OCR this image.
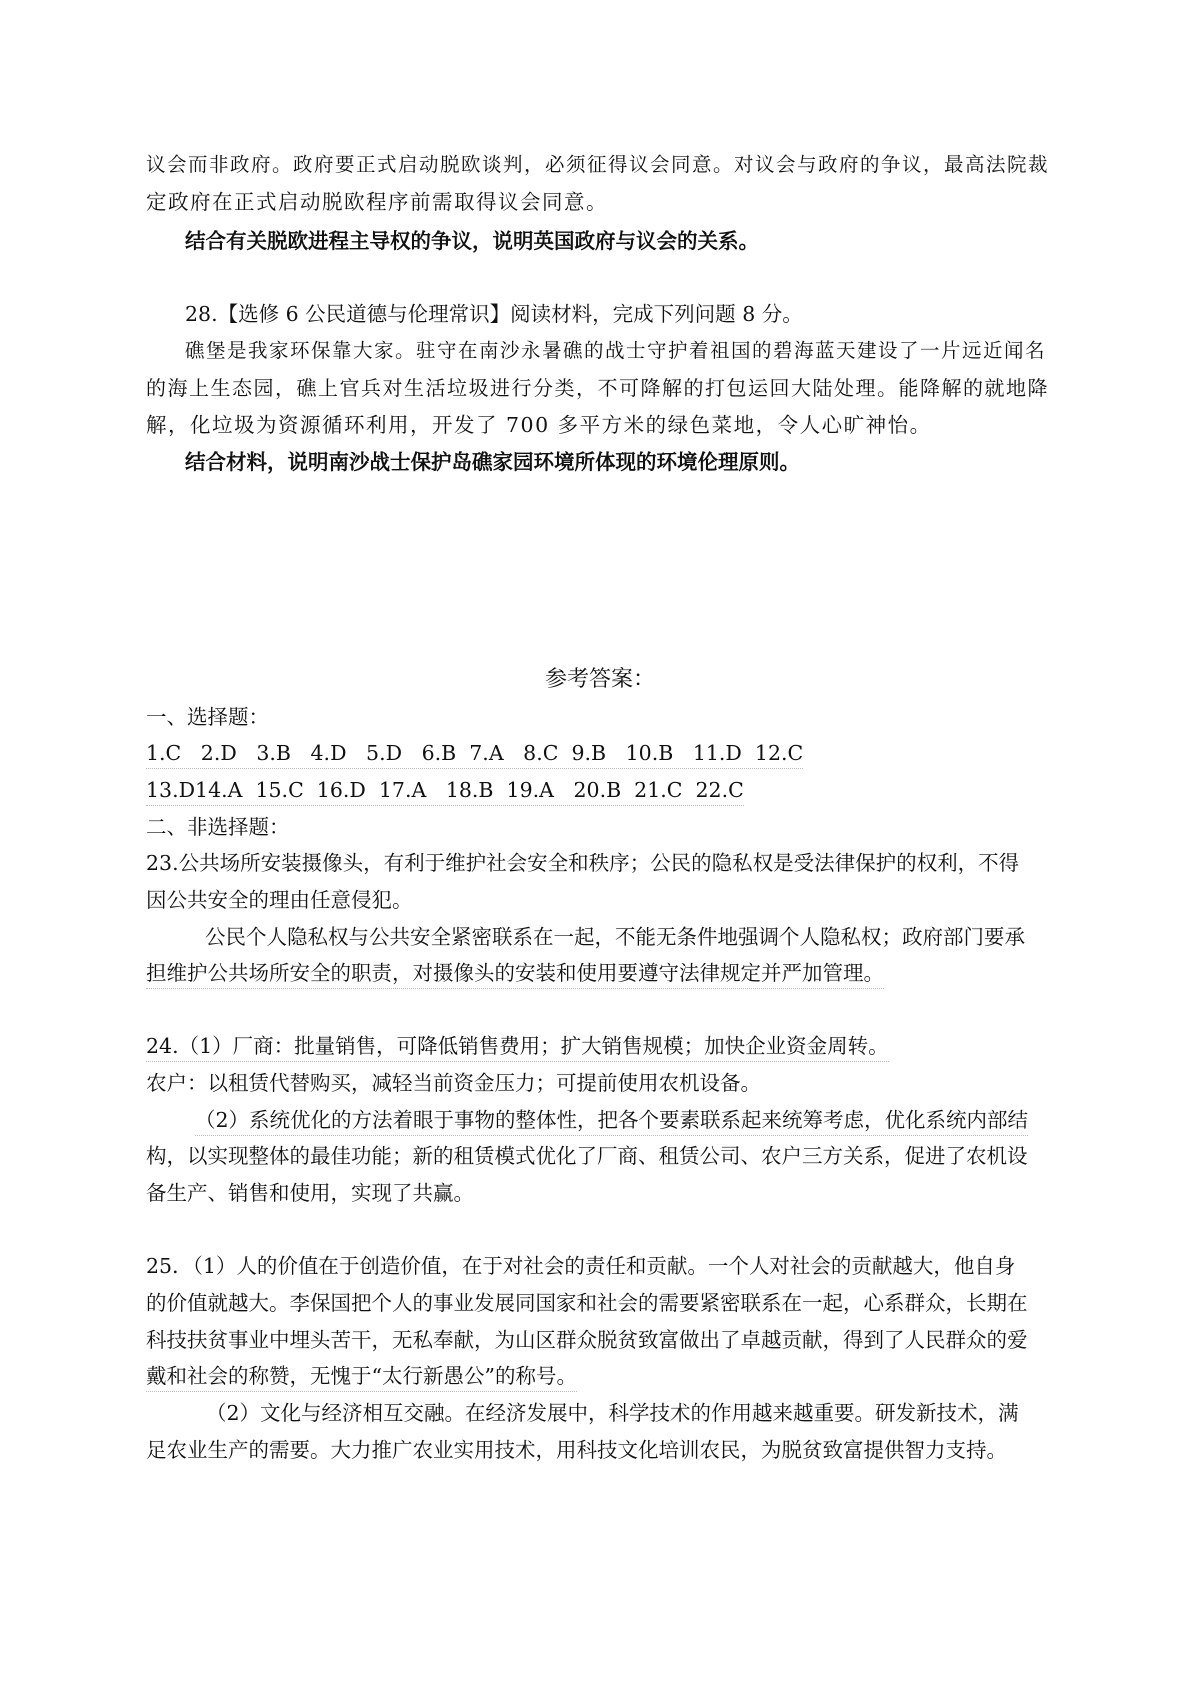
议会而非政府。政府要正式启动脱欧谈判，必须征得议会同意。对议会与政府的争议，最高法院裁
定政府在正式启动脱欧程序前需取得议会同意。
结合有关脱欧进程主导权的争议，说明英国政府与议会的关系。
28.【选修 6 公民道德与伦理常识】阅读材料，完成下列问题 8 分。
礁堡是我家环保靠大家。驻守在南沙永暑礁的战士守护着祖国的碧海蓝天建设了一片远近闻名
的海上生态园，礁上官兵对生活垃圾进行分类，不可降解的打包运回大陆处理。能降解的就地降
解，化垃圾为资源循环利用，开发了 700 多平方米的绿色菜地，令人心旷神怡。
结合材料，说明南沙战士保护岛礁家园环境所体现的环境伦理原则。
参考答案：
一、选择题：
1.C   2.D   3.B   4.D   5.D   6.B  7.A   8.C  9.B   10.B   11.D  12.C
13.D14.A  15.C  16.D  17.A   18.B  19.A   20.B  21.C  22.C
二、非选择题：
23.公共场所安装摄像头，有利于维护社会安全和秩序；公民的隐私权是受法律保护的权利，不得
因公共安全的理由任意侵犯。
公民个人隐私权与公共安全紧密联系在一起，不能无条件地强调个人隐私权；政府部门要承
担维护公共场所安全的职责，对摄像头的安装和使用要遵守法律规定并严加管理。
24.（1）厂商：批量销售，可降低销售费用；扩大销售规模；加快企业资金周转。
农户：以租赁代替购买，减轻当前资金压力；可提前使用农机设备。
（2）系统优化的方法着眼于事物的整体性，把各个要素联系起来统筹考虑，优化系统内部结
构，以实现整体的最佳功能；新的租赁模式优化了厂商、租赁公司、农户三方关系，促进了农机设
备生产、销售和使用，实现了共赢。
25．（1）人的价值在于创造价值，在于对社会的责任和贡献。一个人对社会的贡献越大，他自身
的价值就越大。李保国把个人的事业发展同国家和社会的需要紧密联系在一起，心系群众，长期在
科技扶贫事业中埋头苦干，无私奉献，为山区群众脱贫致富做出了卓越贡献，得到了人民群众的爱
戴和社会的称赞，无愧于“太行新愚公”的称号。
（2）文化与经济相互交融。在经济发展中，科学技术的作用越来越重要。研发新技术，满
足农业生产的需要。大力推广农业实用技术，用科技文化培训农民，为脱贫致富提供智力支持。
